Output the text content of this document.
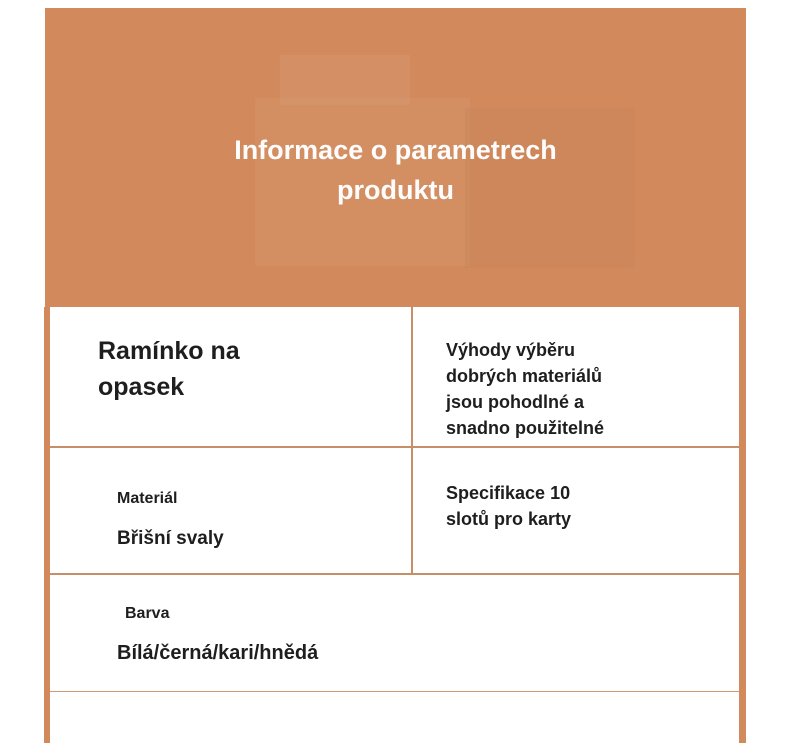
Informace o parametrech
produktu
Ramínko na
opasek
Výhody výběru
dobrých materiálů
jsou pohodlné a
snadno použitelné
Materiál
Břišní svaly
Specifikace 10
slotů pro karty
Barva
Bílá/černá/kari/hnědá
